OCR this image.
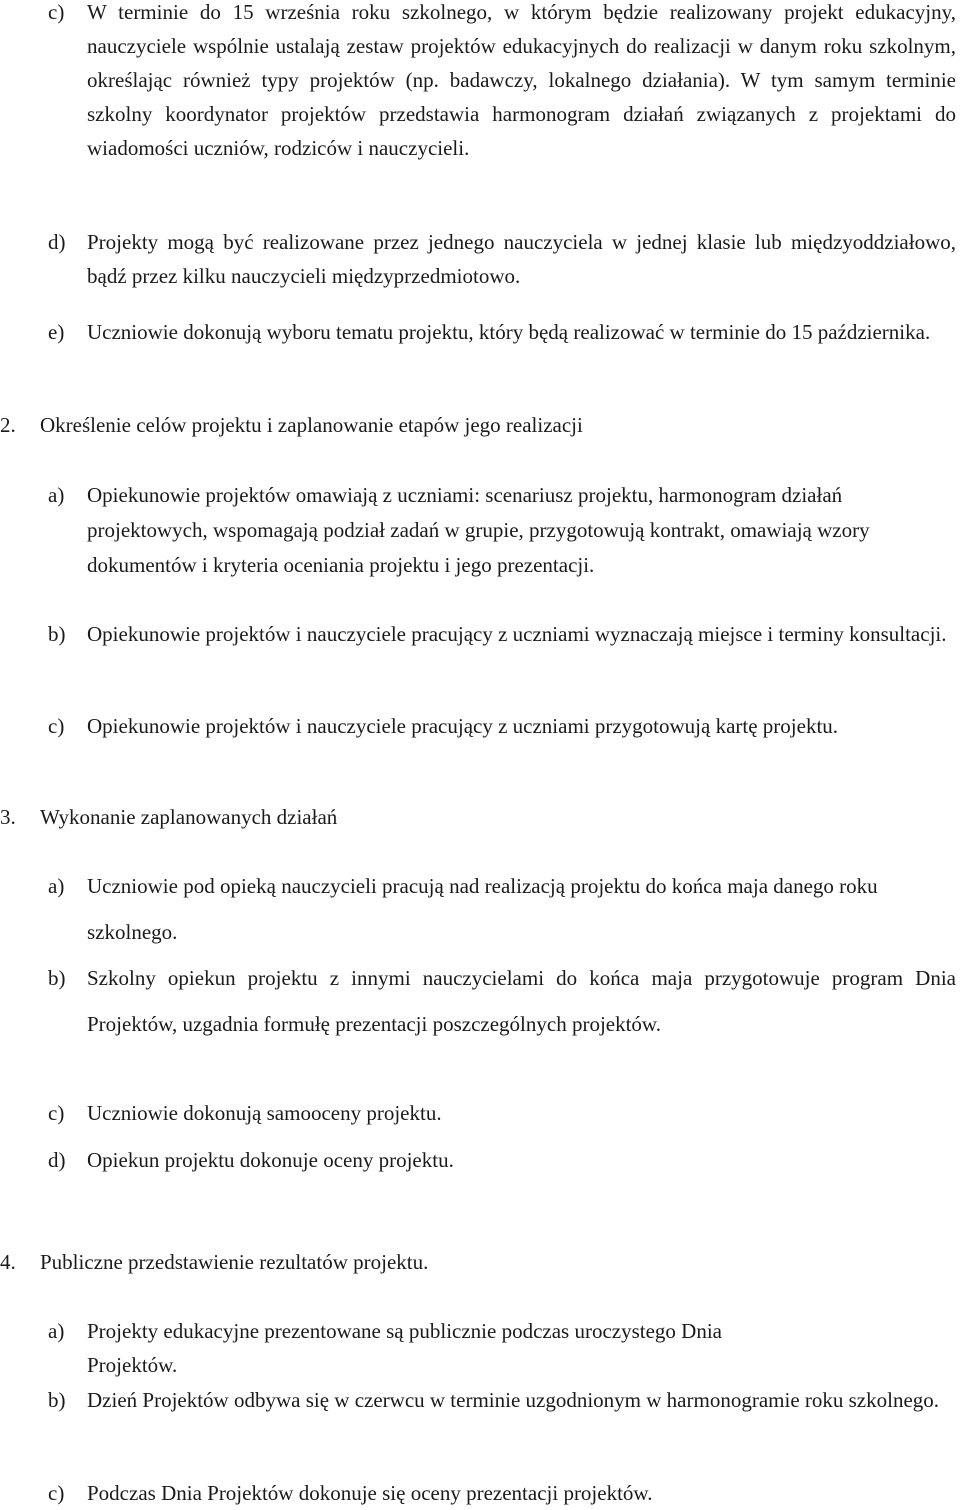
c) W terminie do 15 września roku szkolnego, w którym będzie realizowany projekt edukacyjny, nauczyciele wspólnie ustalają zestaw projektów edukacyjnych do realizacji w danym roku szkolnym, określając również typy projektów (np. badawczy, lokalnego działania). W tym samym terminie szkolny koordynator projektów przedstawia harmonogram działań związanych z projektami do wiadomości uczniów, rodziców i nauczycieli.
d) Projekty mogą być realizowane przez jednego nauczyciela w jednej klasie lub międzyoddziałowo, bądź przez kilku nauczycieli międzyprzedmiotowo.
e) Uczniowie dokonują wyboru tematu projektu, który będą realizować w terminie do 15 października.
2. Określenie celów projektu i zaplanowanie etapów jego realizacji
a) Opiekunowie projektów omawiają z uczniami: scenariusz projektu, harmonogram działań projektowych, wspomagają podział zadań w grupie, przygotowują kontrakt, omawiają wzory dokumentów i kryteria oceniania projektu i jego prezentacji.
b) Opiekunowie projektów i nauczyciele pracujący z uczniami wyznaczają miejsce i terminy konsultacji.
c) Opiekunowie projektów i nauczyciele pracujący z uczniami przygotowują kartę projektu.
3. Wykonanie zaplanowanych działań
a) Uczniowie pod opieką nauczycieli pracują nad realizacją projektu do końca maja danego roku szkolnego.
b) Szkolny opiekun projektu z innymi nauczycielami do końca maja przygotowuje program Dnia Projektów, uzgadnia formułę prezentacji poszczególnych projektów.
c) Uczniowie dokonują samooceny projektu.
d) Opiekun projektu dokonuje oceny projektu.
4. Publiczne przedstawienie rezultatów projektu.
a) Projekty edukacyjne prezentowane są publicznie podczas uroczystego Dnia Projektów.
b) Dzień Projektów odbywa się w czerwcu w terminie uzgodnionym w harmonogramie roku szkolnego.
c) Podczas Dnia Projektów dokonuje się oceny prezentacji projektów.
